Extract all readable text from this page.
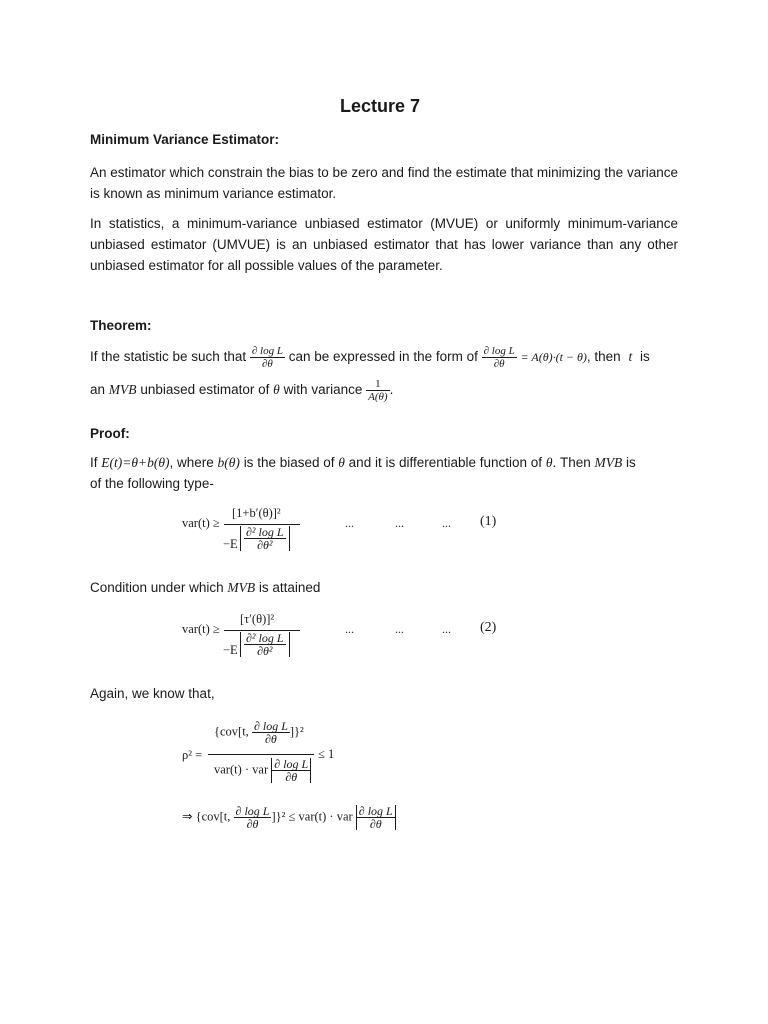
Lecture 7
Minimum Variance Estimator:
An estimator which constrain the bias to be zero and find the estimate that minimizing the variance is known as minimum variance estimator.
In statistics, a minimum-variance unbiased estimator (MVUE) or uniformly minimum-variance unbiased estimator (UMVUE) is an unbiased estimator that has lower variance than any other unbiased estimator for all possible values of the parameter.
Theorem:
If the statistic be such that $\frac{\text{∂ log L}}{\partial\theta}$ can be expressed in the form of $\frac{\text{∂ log L}}{\partial\theta} = A(\theta)\cdot(t - \theta)$, then t is
an MVB unbiased estimator of θ with variance $\frac{1}{A(\theta)}$ .
Proof:
If E(t)=θ+b(θ), where b(θ) is the biased of θ and it is differentiable function of θ. Then MVB is
of the following type-
var(t) ≥
[1+b′(θ)]²
$-E \frac{\text{∂² log L}}{\text{∂θ²}}$
...	...	... (1)
Condition under which MVB is attained
var(t) ≥
[τ′(θ)]²
$-E \frac{\text{∂² log L}}{\text{∂θ²}}$
...	...	... (2)
Again, we know that,
ρ² =
{cov[t, $\frac{\text{∂ log L}}{\partial\theta} ]\}^2$
var(t) · var $\frac{\text{∂ log L}}{\partial\theta}$
≤ 1
⇒ {cov[t, $\frac{\text{∂ log L}}{\partial\theta} ]\}^2 \le var(t)$ · var $\frac{\text{∂ log L}}{\partial\theta}$
